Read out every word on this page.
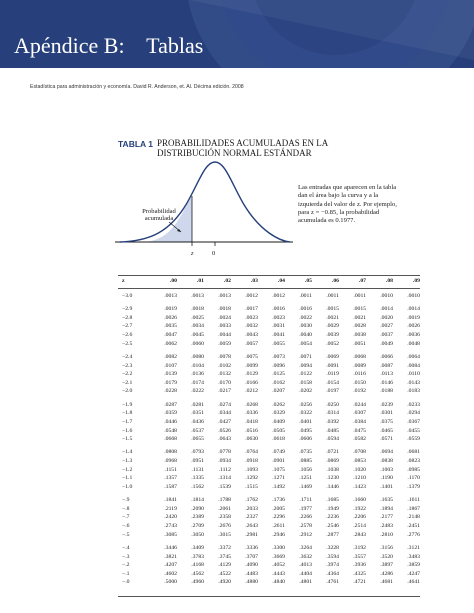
Apéndice B:    Tablas
Estadística para administración y economía. David R. Anderson, et. Al. Décima edición. 2008
TABLA 1 PROBABILIDADES ACUMULADAS EN LA DISTRIBUCIÓN NORMAL ESTÁNDAR
Probabilidad acumulada
z	0
Las entradas que aparecen en la tabla dan el área bajo la curva y a la izquierda del valor de z. Por ejemplo, para z = −0.85, la probabilidad acumulada es 0.1977.
z	.00	.01	.02	.03	.04	.05	.06	.07	.08	.09

−3.0	.0013	.0013	.0013	.0012	.0012	.0011	.0011	.0011	.0010	.0010

−2.9	.0019	.0018	.0018	.0017	.0016	.0016	.0015	.0015	.0014	.0014
−2.8	.0026	.0025	.0024	.0023	.0023	.0022	.0021	.0021	.0020	.0019
−2.7	.0035	.0034	.0033	.0032	.0031	.0030	.0029	.0028	.0027	.0026
−2.6	.0047	.0045	.0044	.0043	.0041	.0040	.0039	.0038	.0037	.0036
−2.5	.0062	.0060	.0059	.0057	.0055	.0054	.0052	.0051	.0049	.0048

−2.4	.0082	.0080	.0078	.0075	.0073	.0071	.0069	.0068	.0066	.0064
−2.3	.0107	.0104	.0102	.0099	.0096	.0094	.0091	.0089	.0087	.0084
−2.2	.0139	.0136	.0132	.0129	.0125	.0122	.0119	.0116	.0113	.0110
−2.1	.0179	.0174	.0170	.0166	.0162	.0158	.0154	.0150	.0146	.0143
−2.0	.0228	.0222	.0217	.0212	.0207	.0202	.0197	.0192	.0188	.0183

−1.9	.0287	.0281	.0274	.0268	.0262	.0256	.0250	.0244	.0239	.0233
−1.8	.0359	.0351	.0344	.0336	.0329	.0322	.0314	.0307	.0301	.0294
−1.7	.0446	.0436	.0427	.0418	.0409	.0401	.0392	.0384	.0375	.0367
−1.6	.0548	.0537	.0526	.0516	.0505	.0495	.0485	.0475	.0465	.0455
−1.5	.0668	.0655	.0643	.0630	.0618	.0606	.0594	.0582	.0571	.0559

−1.4	.0808	.0793	.0778	.0764	.0749	.0735	.0721	.0708	.0694	.0681
−1.3	.0968	.0951	.0934	.0918	.0901	.0885	.0869	.0853	.0838	.0823
−1.2	.1151	.1131	.1112	.1093	.1075	.1056	.1038	.1020	.1003	.0985
−1.1	.1357	.1335	.1314	.1292	.1271	.1251	.1230	.1210	.1190	.1170
−1.0	.1587	.1562	.1539	.1515	.1492	.1469	.1446	.1423	.1401	.1379

−.9	.1841	.1814	.1788	.1762	.1736	.1711	.1685	.1660	.1635	.1611
−.8	.2119	.2090	.2061	.2033	.2005	.1977	.1949	.1922	.1894	.1867
−.7	.2420	.2389	.2358	.2327	.2296	.2266	.2236	.2206	.2177	.2148
−.6	.2743	.2709	.2676	.2643	.2611	.2578	.2546	.2514	.2483	.2451
−.5	.3085	.3050	.3015	.2981	.2946	.2912	.2877	.2843	.2810	.2776

−.4	.3446	.3409	.3372	.3336	.3300	.3264	.3228	.3192	.3156	.3121
−.3	.3821	.3783	.3745	.3707	.3669	.3632	.3594	.3557	.3520	.3483
−.2	.4207	.4168	.4129	.4090	.4052	.4013	.3974	.3936	.3897	.3859
−.1	.4602	.4562	.4522	.4483	.4443	.4404	.4364	.4325	.4286	.4247
−.0	.5000	.4960	.4920	.4880	.4840	.4801	.4761	.4721	.4681	.4641
